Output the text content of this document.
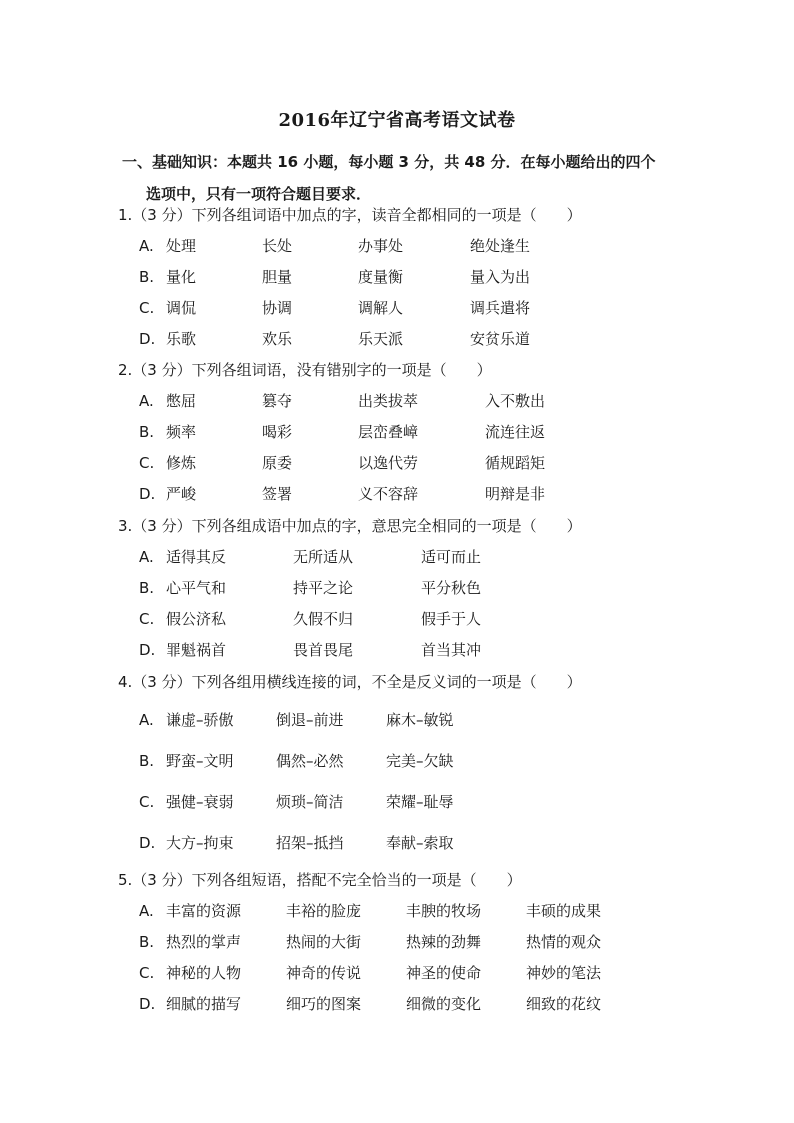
2016年辽宁省高考语文试卷
一、基础知识：本题共 16 小题，每小题 3 分，共 48 分．在每小题给出的四个
选项中，只有一项符合题目要求．
1.（3 分）下列各组词语中加点的字，读音全都相同的一项是（　　）
A. 处理	长处	办事处	绝处逢生
B. 量化	胆量	度量衡	量入为出
C. 调侃	协调	调解人	调兵遣将
D. 乐歌	欢乐	乐天派	安贫乐道
2.（3 分）下列各组词语，没有错别字的一项是（　　）
A. 憋屈	篡夺	出类拔萃	入不敷出
B. 频率	喝彩	层峦叠嶂	流连往返
C. 修炼	原委	以逸代劳	循规蹈矩
D. 严峻	签署	义不容辞	明辩是非
3.（3 分）下列各组成语中加点的字，意思完全相同的一项是（　　）
A. 适得其反	无所适从	适可而止
B. 心平气和	持平之论	平分秋色
C. 假公济私	久假不归	假手于人
D. 罪魁祸首	畏首畏尾	首当其冲
4.（3 分）下列各组用横线连接的词，不全是反义词的一项是（　　）
A. 谦虚–骄傲	倒退–前进	麻木–敏锐
B. 野蛮–文明	偶然–必然	完美–欠缺
C. 强健–衰弱	烦琐–简洁	荣耀–耻辱
D. 大方–拘束	招架–抵挡	奉献–索取
5.（3 分）下列各组短语，搭配不完全恰当的一项是（　　）
A. 丰富的资源	丰裕的脸庞	丰腴的牧场	丰硕的成果
B. 热烈的掌声	热闹的大街	热辣的劲舞	热情的观众
C. 神秘的人物	神奇的传说	神圣的使命	神妙的笔法
D. 细腻的描写	细巧的图案	细微的变化	细致的花纹
